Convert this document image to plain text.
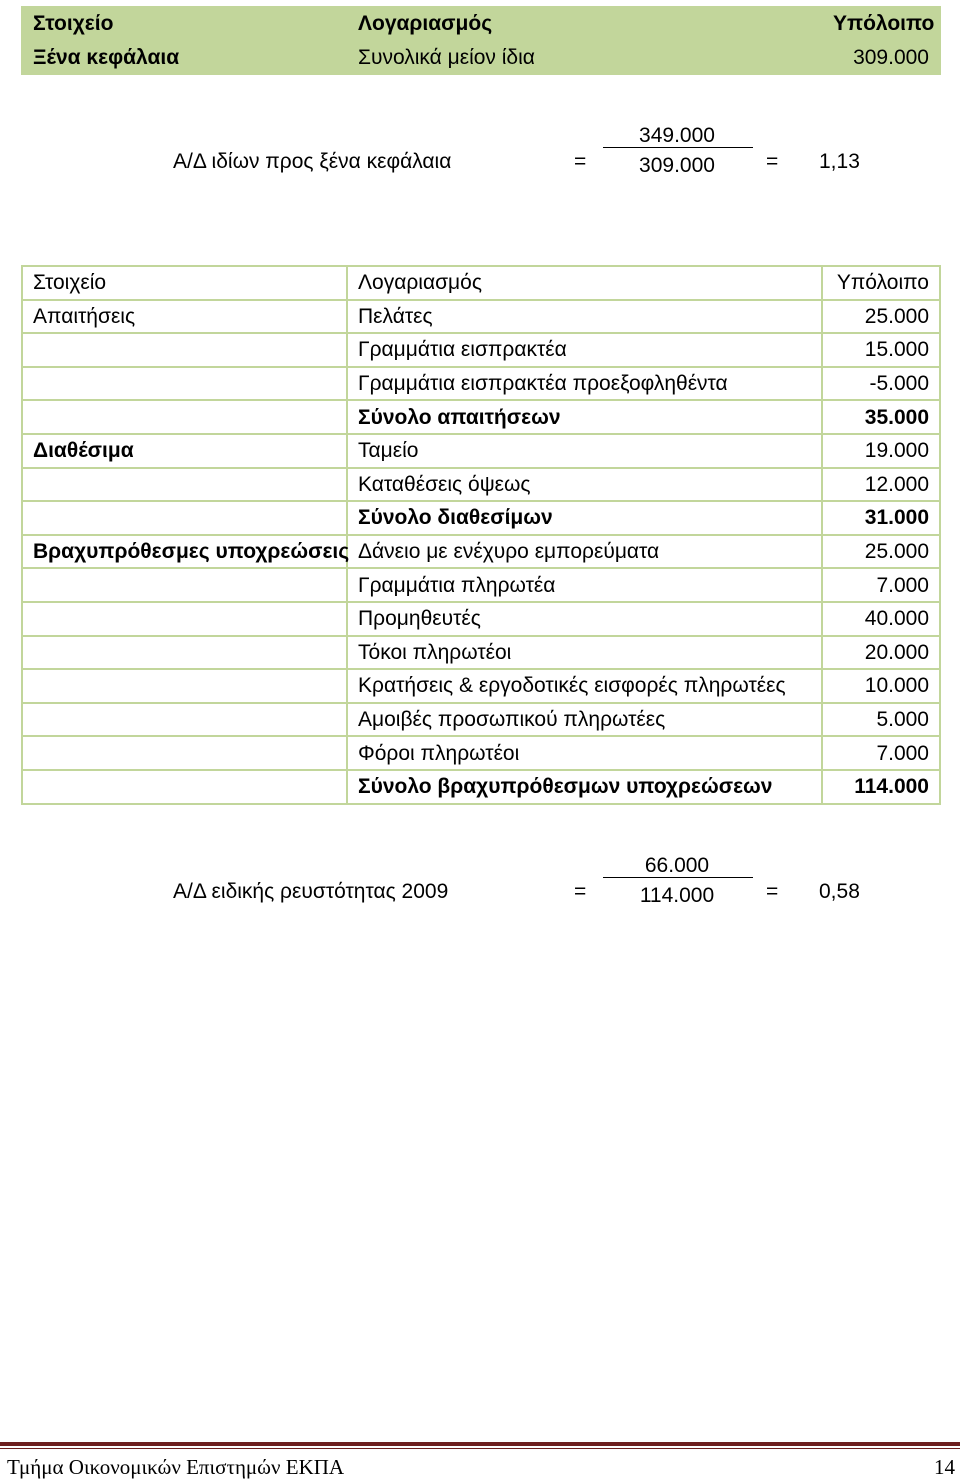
Στοιχείο	Λογαριασμός	Υπόλοιπο
Ξένα κεφάλαια	Συνολικά μείον ίδια	309.000
Α/Δ ιδίων προς ξένα κεφάλαια	=
349.000
309.000	= 1,13
Στοιχείο	Λογαριασμός	Υπόλοιπο
Απαιτήσεις	Πελάτες	25.000
	Γραμμάτια εισπρακτέα	15.000
	Γραμμάτια εισπρακτέα προεξοφληθέντα	-5.000
	Σύνολο απαιτήσεων	35.000
Διαθέσιμα	Ταμείο	19.000
	Καταθέσεις όψεως	12.000
	Σύνολο διαθεσίμων	31.000
Βραχυπρόθεσμες υποχρεώσεις	Δάνειο με ενέχυρο εμπορεύματα	25.000
	Γραμμάτια πληρωτέα	7.000
	Προμηθευτές	40.000
	Τόκοι πληρωτέοι	20.000
	Κρατήσεις & εργοδοτικές εισφορές πληρωτέες	10.000
	Αμοιβές προσωπικού πληρωτέες	5.000
	Φόροι πληρωτέοι	7.000
	Σύνολο βραχυπρόθεσμων υποχρεώσεων	114.000
Α/Δ ειδικής ρευστότητας 2009	=
66.000
114.000	= 0,58
Τμήμα Οικονομικών Επιστημών ΕΚΠΑ	14
